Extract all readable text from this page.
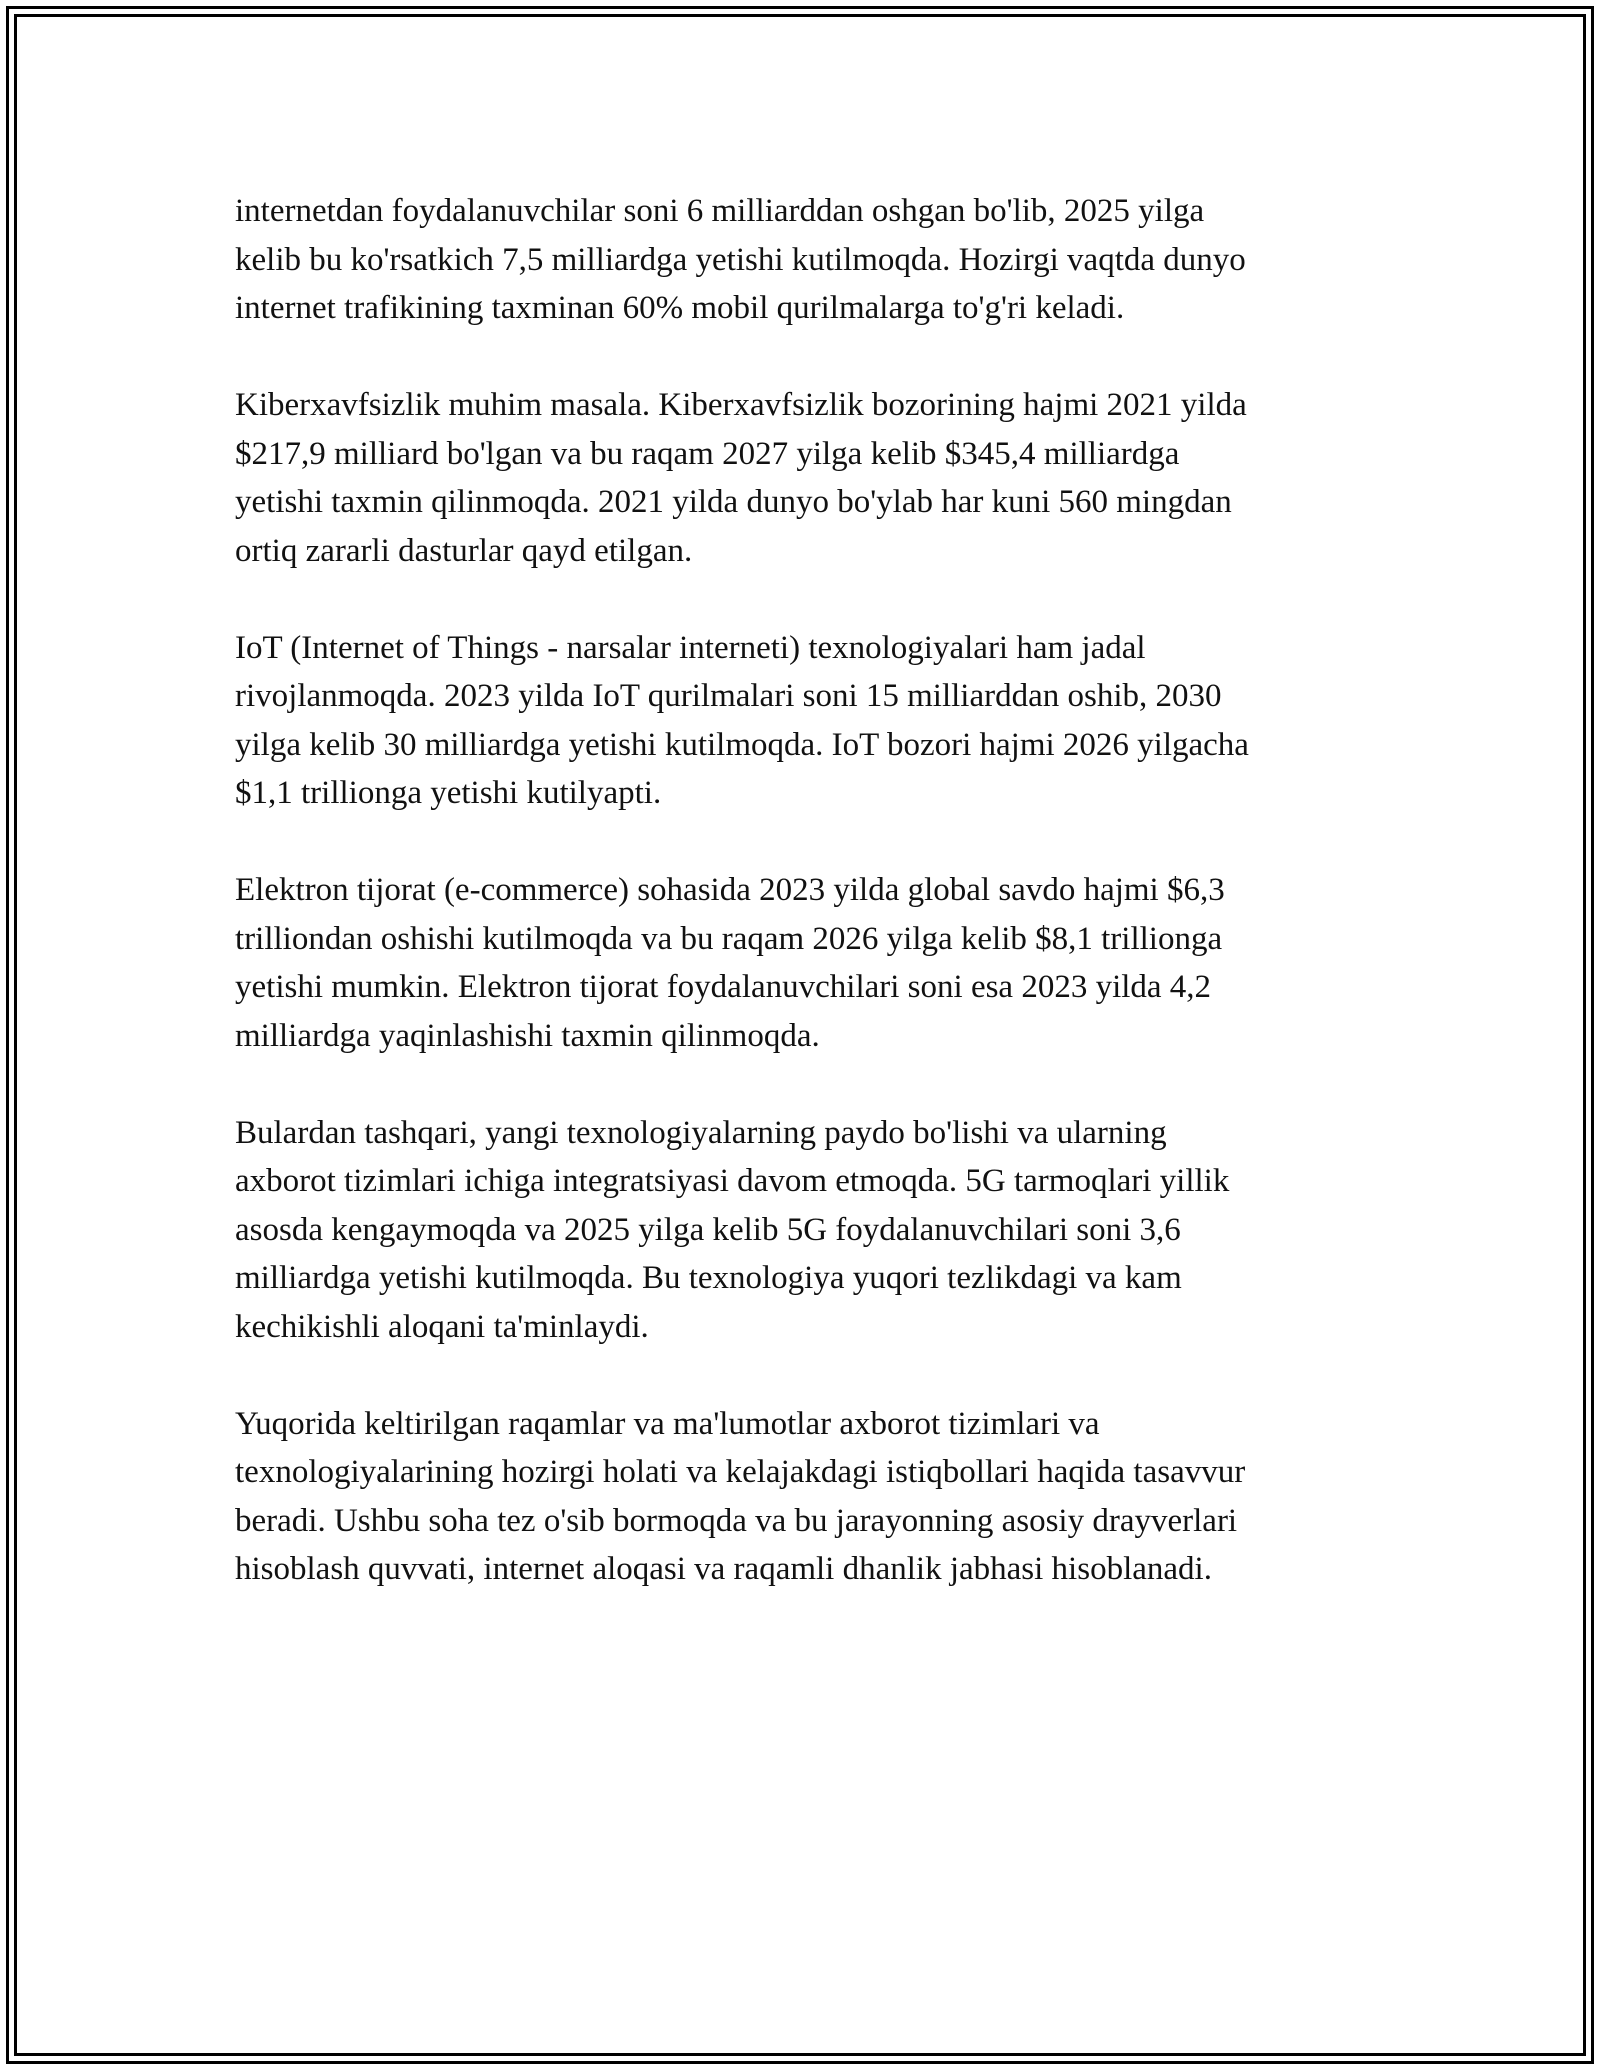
internetdan foydalanuvchilar soni 6 milliarddan oshgan bo'lib, 2025 yilga
kelib bu ko'rsatkich 7,5 milliardga yetishi kutilmoqda. Hozirgi vaqtda dunyo
internet trafikining taxminan 60% mobil qurilmalarga to'g'ri keladi.

Kiberxavfsizlik muhim masala. Kiberxavfsizlik bozorining hajmi 2021 yilda
$217,9 milliard bo'lgan va bu raqam 2027 yilga kelib $345,4 milliardga
yetishi taxmin qilinmoqda. 2021 yilda dunyo bo'ylab har kuni 560 mingdan
ortiq zararli dasturlar qayd etilgan.

IoT (Internet of Things - narsalar interneti) texnologiyalari ham jadal
rivojlanmoqda. 2023 yilda IoT qurilmalari soni 15 milliarddan oshib, 2030
yilga kelib 30 milliardga yetishi kutilmoqda. IoT bozori hajmi 2026 yilgacha
$1,1 trillionga yetishi kutilyapti.

Elektron tijorat (e-commerce) sohasida 2023 yilda global savdo hajmi $6,3
trilliondan oshishi kutilmoqda va bu raqam 2026 yilga kelib $8,1 trillionga
yetishi mumkin. Elektron tijorat foydalanuvchilari soni esa 2023 yilda 4,2
milliardga yaqinlashishi taxmin qilinmoqda.

Bulardan tashqari, yangi texnologiyalarning paydo bo'lishi va ularning
axborot tizimlari ichiga integratsiyasi davom etmoqda. 5G tarmoqlari yillik
asosda kengaymoqda va 2025 yilga kelib 5G foydalanuvchilari soni 3,6
milliardga yetishi kutilmoqda. Bu texnologiya yuqori tezlikdagi va kam
kechikishli aloqani ta'minlaydi.

Yuqorida keltirilgan raqamlar va ma'lumotlar axborot tizimlari va
texnologiyalarining hozirgi holati va kelajakdagi istiqbollari haqida tasavvur
beradi. Ushbu soha tez o'sib bormoqda va bu jarayonning asosiy drayverlari
hisoblash quvvati, internet aloqasi va raqamli dhanlik jabhasi hisoblanadi.
